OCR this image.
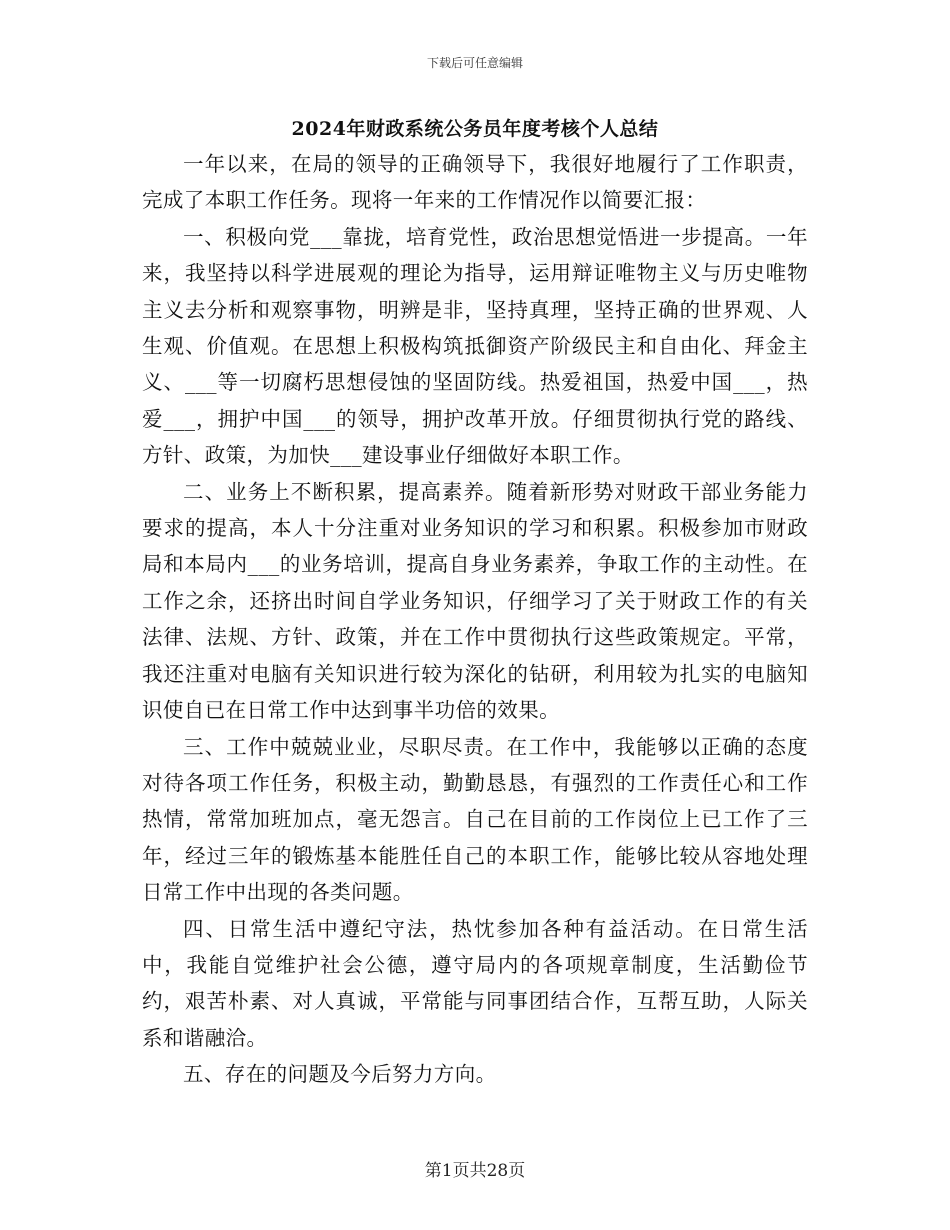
下载后可任意编辑
2024年财政系统公务员年度考核个人总结

一年以来，在局的领导的正确领导下，我很好地履行了工作职责，完成了本职工作任务。现将一年来的工作情况作以简要汇报：

一、积极向党___靠拢，培育党性，政治思想觉悟进一步提高。一年来，我坚持以科学进展观的理论为指导，运用辩证唯物主义与历史唯物主义去分析和观察事物，明辨是非，坚持真理，坚持正确的世界观、人生观、价值观。在思想上积极构筑抵御资产阶级民主和自由化、拜金主义、___等一切腐朽思想侵蚀的坚固防线。热爱祖国，热爱中国___，热爱___，拥护中国___的领导，拥护改革开放。仔细贯彻执行党的路线、方针、政策，为加快___建设事业仔细做好本职工作。

二、业务上不断积累，提高素养。随着新形势对财政干部业务能力要求的提高，本人十分注重对业务知识的学习和积累。积极参加市财政局和本局内___的业务培训，提高自身业务素养，争取工作的主动性。在工作之余，还挤出时间自学业务知识，仔细学习了关于财政工作的有关法律、法规、方针、政策，并在工作中贯彻执行这些政策规定。平常，我还注重对电脑有关知识进行较为深化的钻研，利用较为扎实的电脑知识使自已在日常工作中达到事半功倍的效果。

三、工作中兢兢业业，尽职尽责。在工作中，我能够以正确的态度对待各项工作任务，积极主动，勤勤恳恳，有强烈的工作责任心和工作热情，常常加班加点，毫无怨言。自己在目前的工作岗位上已工作了三年，经过三年的锻炼基本能胜任自己的本职工作，能够比较从容地处理日常工作中出现的各类问题。

四、日常生活中遵纪守法，热忱参加各种有益活动。在日常生活中，我能自觉维护社会公德，遵守局内的各项规章制度，生活勤俭节约，艰苦朴素、对人真诚，平常能与同事团结合作，互帮互助，人际关系和谐融洽。

五、存在的问题及今后努力方向。

第1页共28页
